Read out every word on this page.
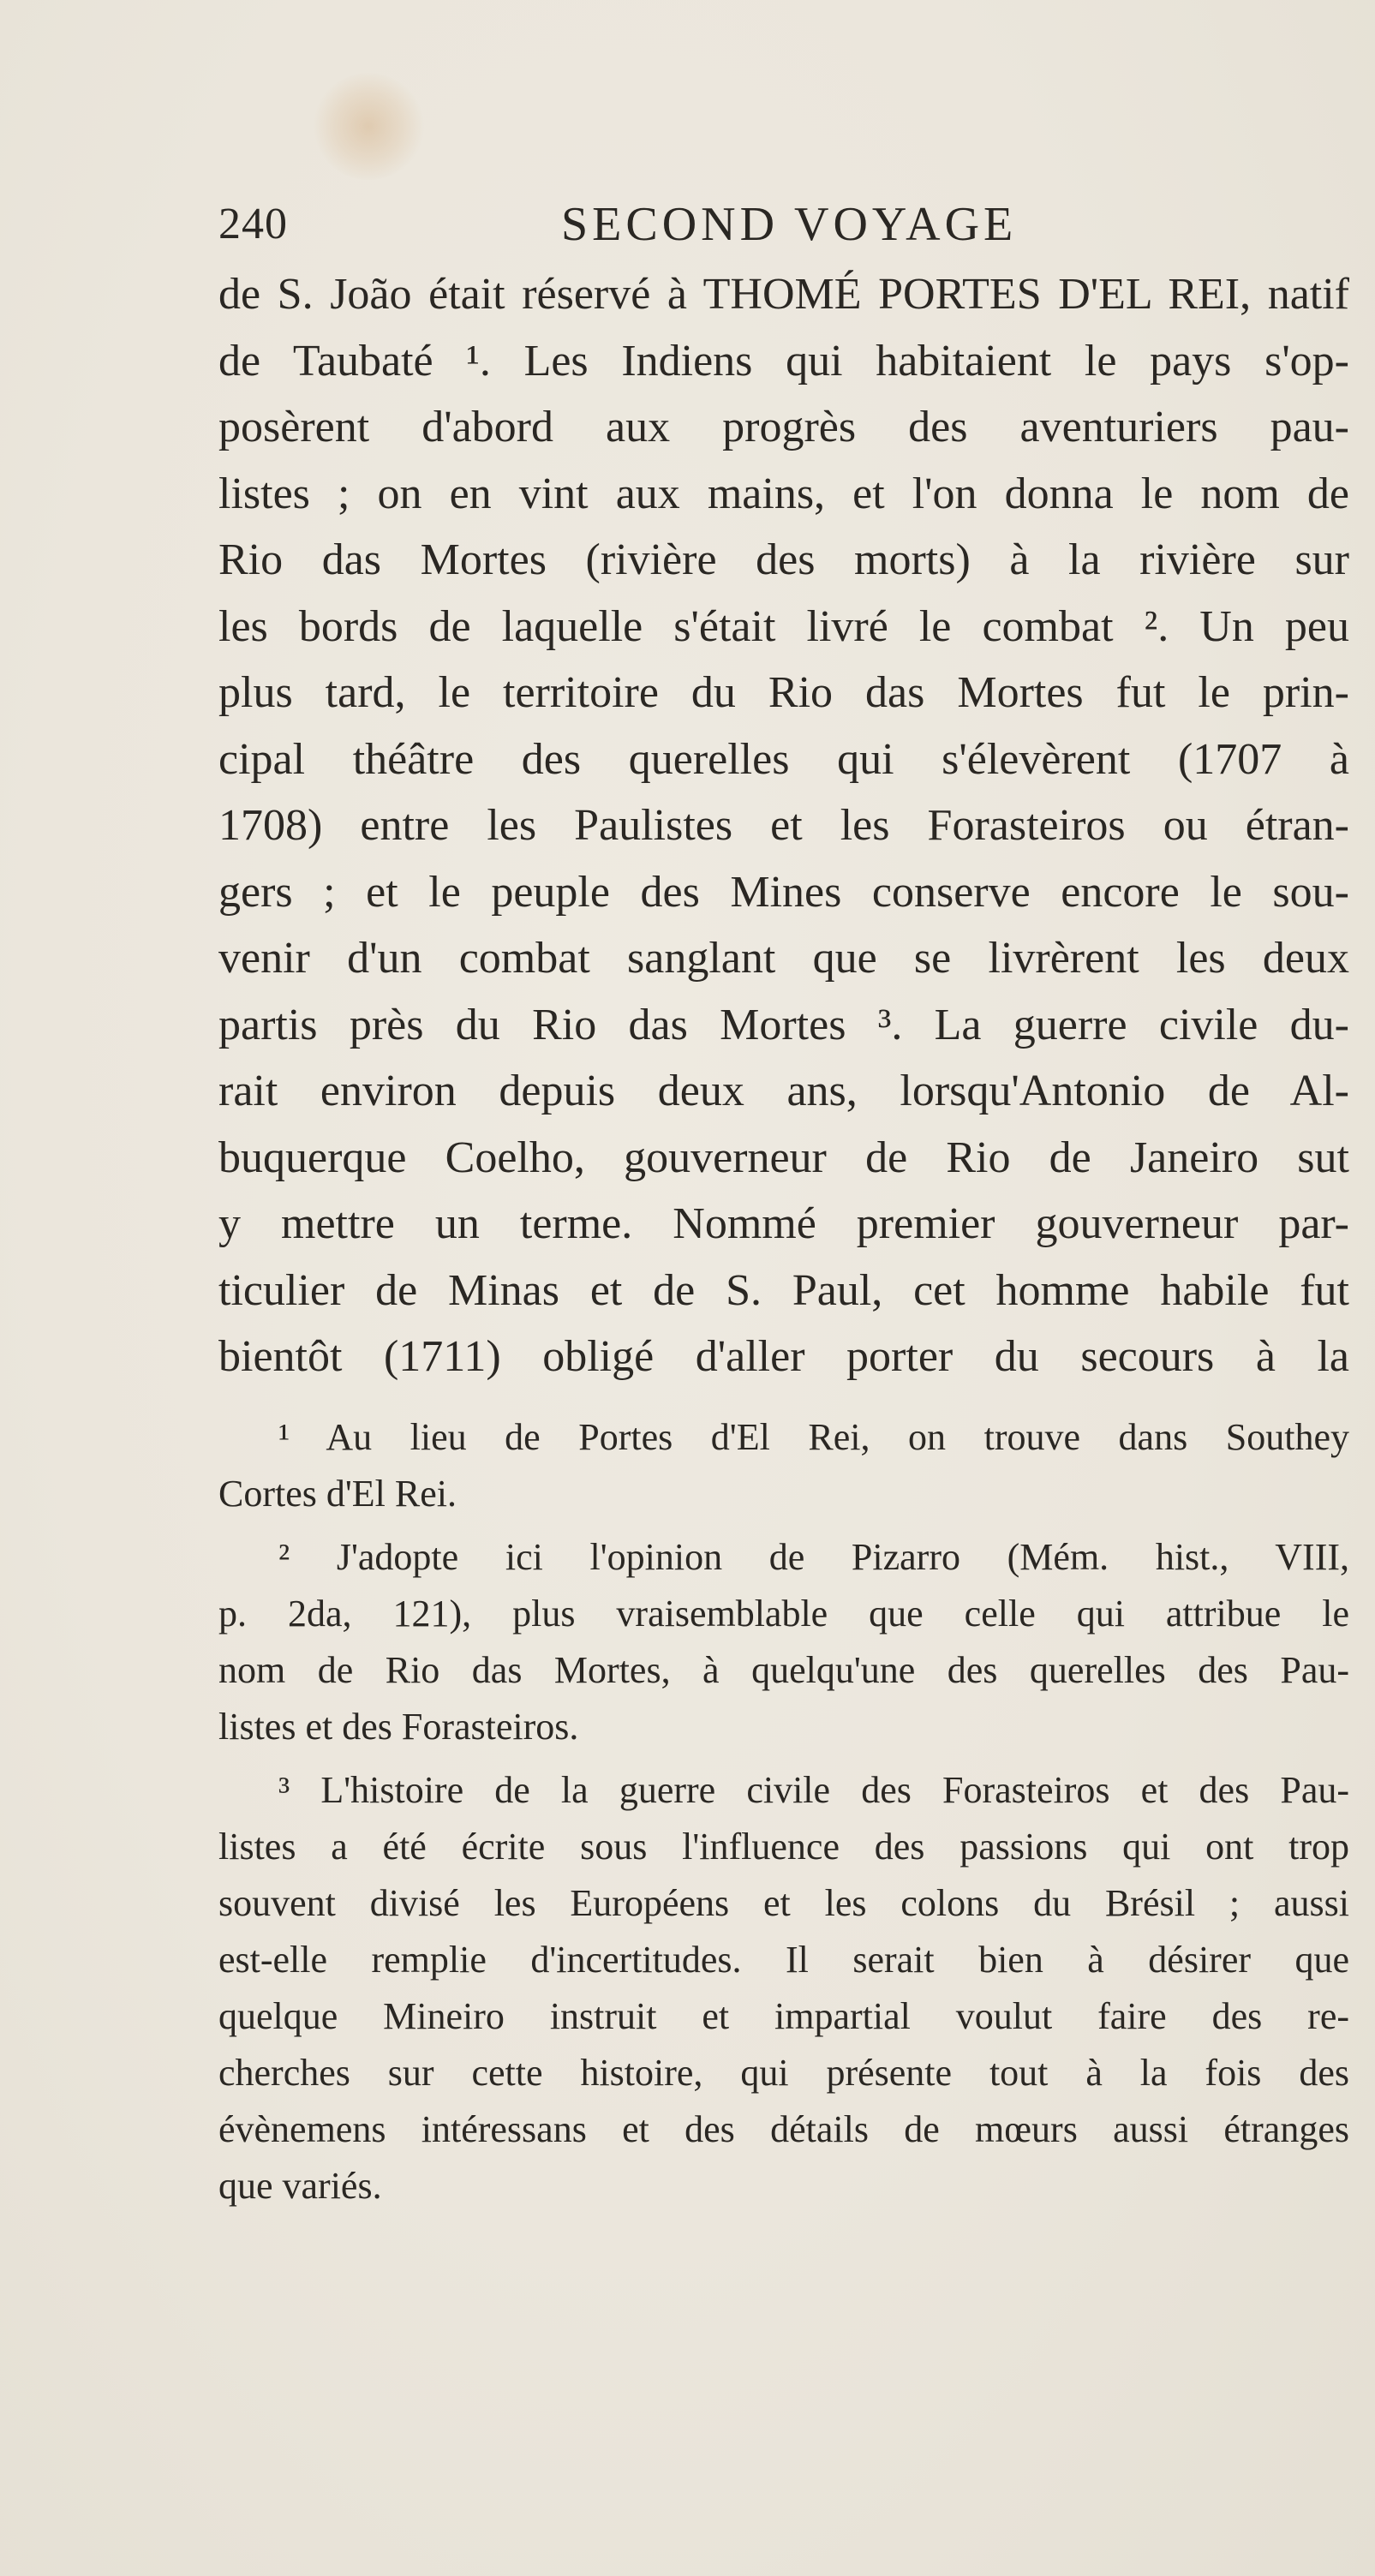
240	SECOND VOYAGE
de S. João était réservé à THOMÉ PORTES D'EL REI, natif
de Taubaté ¹. Les Indiens qui habitaient le pays s'op-
posèrent d'abord aux progrès des aventuriers pau-
listes ; on en vint aux mains, et l'on donna le nom de
Rio das Mortes (rivière des morts) à la rivière sur
les bords de laquelle s'était livré le combat ². Un peu
plus tard, le territoire du Rio das Mortes fut le prin-
cipal théâtre des querelles qui s'élevèrent (1707 à
1708) entre les Paulistes et les Forasteiros ou étran-
gers ; et le peuple des Mines conserve encore le sou-
venir d'un combat sanglant que se livrèrent les deux
partis près du Rio das Mortes ³. La guerre civile du-
rait environ depuis deux ans, lorsqu'Antonio de Al-
buquerque Coelho, gouverneur de Rio de Janeiro sut
y mettre un terme. Nommé premier gouverneur par-
ticulier de Minas et de S. Paul, cet homme habile fut
bientôt (1711) obligé d'aller porter du secours à la
¹ Au lieu de Portes d'El Rei, on trouve dans Southey
Cortes d'El Rei.
² J'adopte ici l'opinion de Pizarro (Mém. hist., VIII,
p. 2da, 121), plus vraisemblable que celle qui attribue le
nom de Rio das Mortes, à quelqu'une des querelles des Pau-
listes et des Forasteiros.
³ L'histoire de la guerre civile des Forasteiros et des Pau-
listes a été écrite sous l'influence des passions qui ont trop
souvent divisé les Européens et les colons du Brésil ; aussi
est-elle remplie d'incertitudes. Il serait bien à désirer que
quelque Mineiro instruit et impartial voulut faire des re-
cherches sur cette histoire, qui présente tout à la fois des
évènemens intéressans et des détails de mœurs aussi étranges
que variés.
